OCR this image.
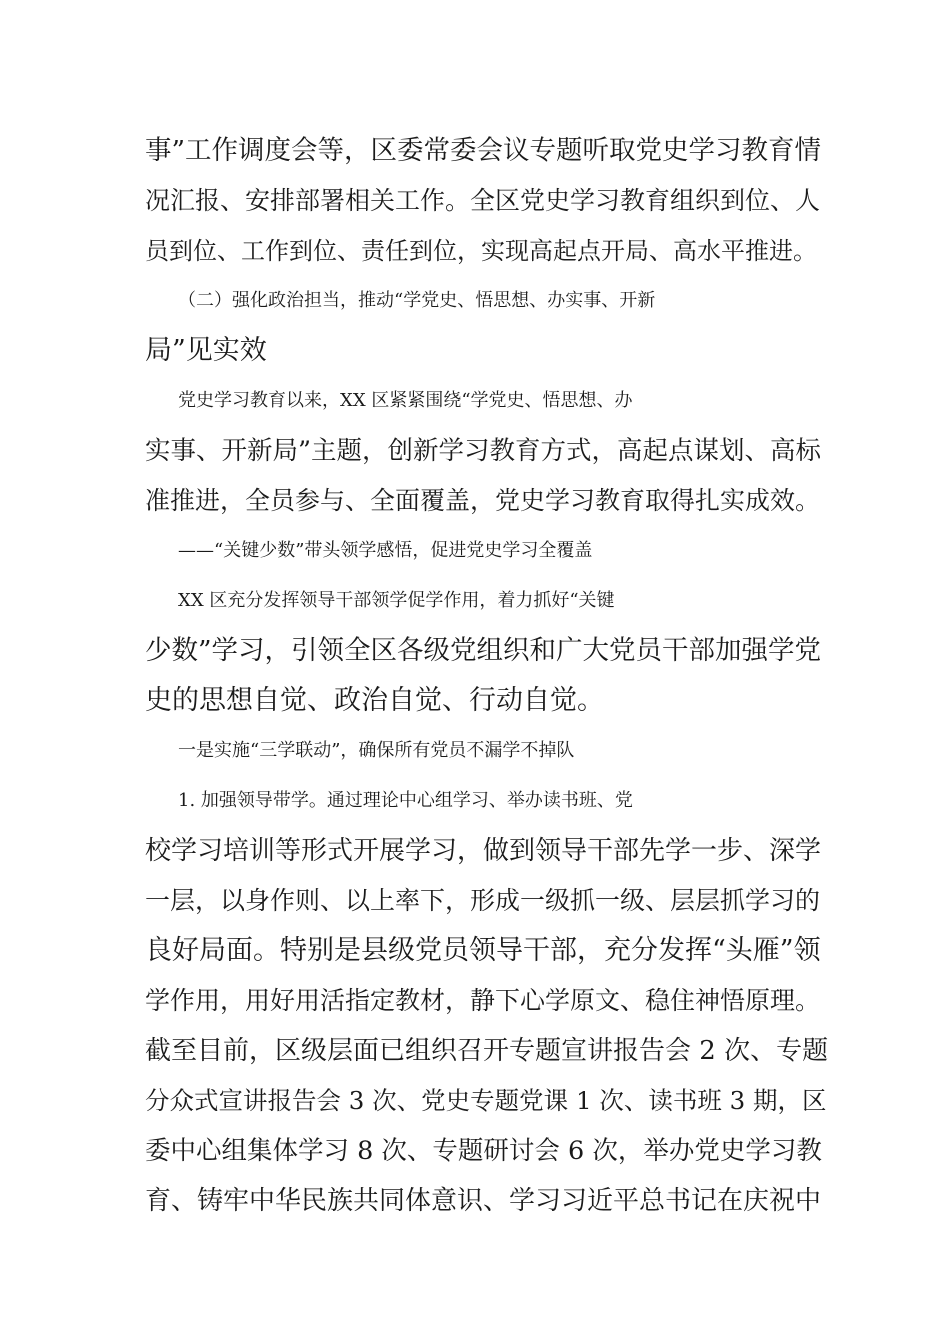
事”工作调度会等，区委常委会议专题听取党史学习教育情
况汇报、安排部署相关工作。全区党史学习教育组织到位、人
员到位、工作到位、责任到位，实现高起点开局、高水平推进。
（二）强化政治担当，推动“学党史、悟思想、办实事、开新
局”见实效
党史学习教育以来，XX 区紧紧围绕“学党史、悟思想、办
实事、开新局”主题，创新学习教育方式，高起点谋划、高标
准推进，全员参与、全面覆盖，党史学习教育取得扎实成效。
——“关键少数”带头领学感悟，促进党史学习全覆盖
XX 区充分发挥领导干部领学促学作用，着力抓好“关键
少数”学习，引领全区各级党组织和广大党员干部加强学党
史的思想自觉、政治自觉、行动自觉。
一是实施“三学联动”，确保所有党员不漏学不掉队
1. 加强领导带学。通过理论中心组学习、举办读书班、党
校学习培训等形式开展学习，做到领导干部先学一步、深学
一层，以身作则、以上率下，形成一级抓一级、层层抓学习的
良好局面。特别是县级党员领导干部，充分发挥“头雁”领
学作用，用好用活指定教材，静下心学原文、稳住神悟原理。
截至目前，区级层面已组织召开专题宣讲报告会 2 次、专题
分众式宣讲报告会 3 次、党史专题党课 1 次、读书班 3 期，区
委中心组集体学习 8 次、专题研讨会 6 次，举办党史学习教
育、铸牢中华民族共同体意识、学习习近平总书记在庆祝中
